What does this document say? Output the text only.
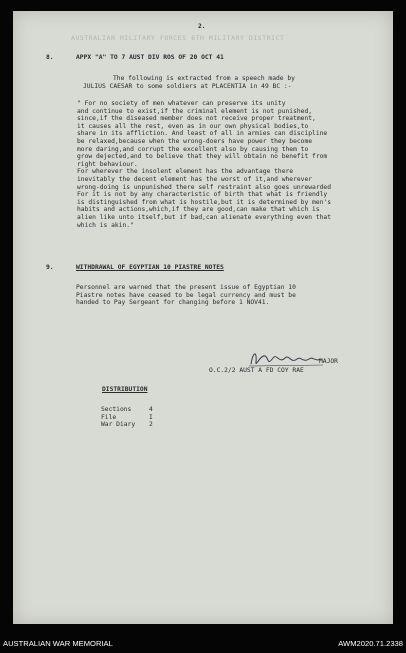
AUSTRALIAN MILITARY FORCES 6TH MILITARY DISTRICT
2.
8.	APPX "A" TO 7 AUST DIV ROS OF 20 OCT 41
The following is extracted from a speech made by
JULIUS CAESAR to some soldiers at PLACENTIA in 49 BC :-
" For no society of men whatever can preserve its unity
and continue to exist,if the criminal element is not punished,
since,if the diseased member does not receive proper treatment,
it causes all the rest, even as in our own physical bodies,to
share in its affliction. And least of all in armies can discipline
be relaxed,because when the wrong-doers have power they become
more daring,and corrupt the excellent also by causing them to
grow dejected,and to believe that they will obtain no benefit from
right behaviour.
For wherever the insolent element has the advantage there
inevitably the decent element has the worst of it,and wherever
wrong-doing is unpunished there self restraint also goes unrewarded
For it is not by any characteristic of birth that what is friendly
is distinguished from what is hostile,but it is determined by men's
habits and actions,which,if they are good,can make that which is
alien like unto itself,but if bad,can alienate everything even that
which is akin."
9.	WITHDRAWAL OF EGYPTIAN 10 PIASTRE NOTES
Personnel are warned that the present issue of Egyptian 10
Piastre notes have ceased to be legal currency and must be
handed to Pay Sergeant for changing before 1 NOV41.
MAJOR
O.C.2/2 AUST A FD COY RAE
DISTRIBUTION
Sections	4
File	I
War Diary	2
AUSTRALIAN WAR MEMORIAL	AWM2020.71.2338
